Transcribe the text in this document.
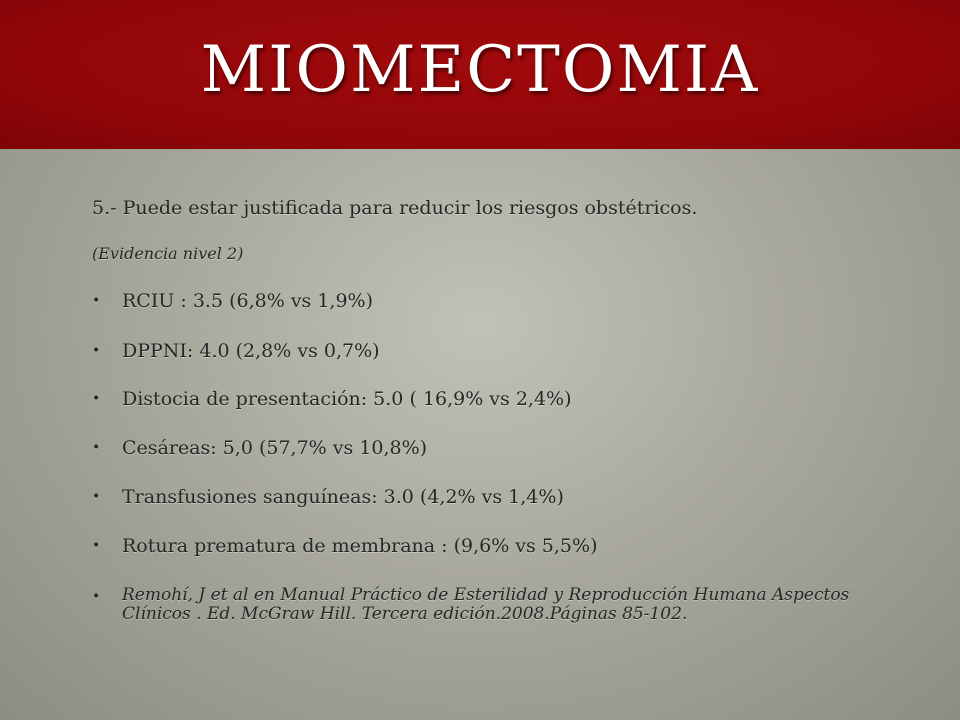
MIOMECTOMIA

5.- Puede estar justificada para reducir los riesgos obstétricos.

(Evidencia nivel 2)

•	RCIU : 3.5 (6,8% vs 1,9%)
•	DPPNI: 4.0 (2,8% vs 0,7%)
•	Distocia de presentación: 5.0 ( 16,9% vs 2,4%)
•	Cesáreas: 5,0 (57,7% vs 10,8%)
•	Transfusiones sanguíneas: 3.0 (4,2% vs 1,4%)
•	Rotura prematura de membrana : (9,6% vs 5,5%)
•	Remohí, J et al en Manual Práctico de Esterilidad y Reproducción Humana Aspectos Clínicos . Ed. McGraw Hill. Tercera edición.2008.Páginas 85-102.
